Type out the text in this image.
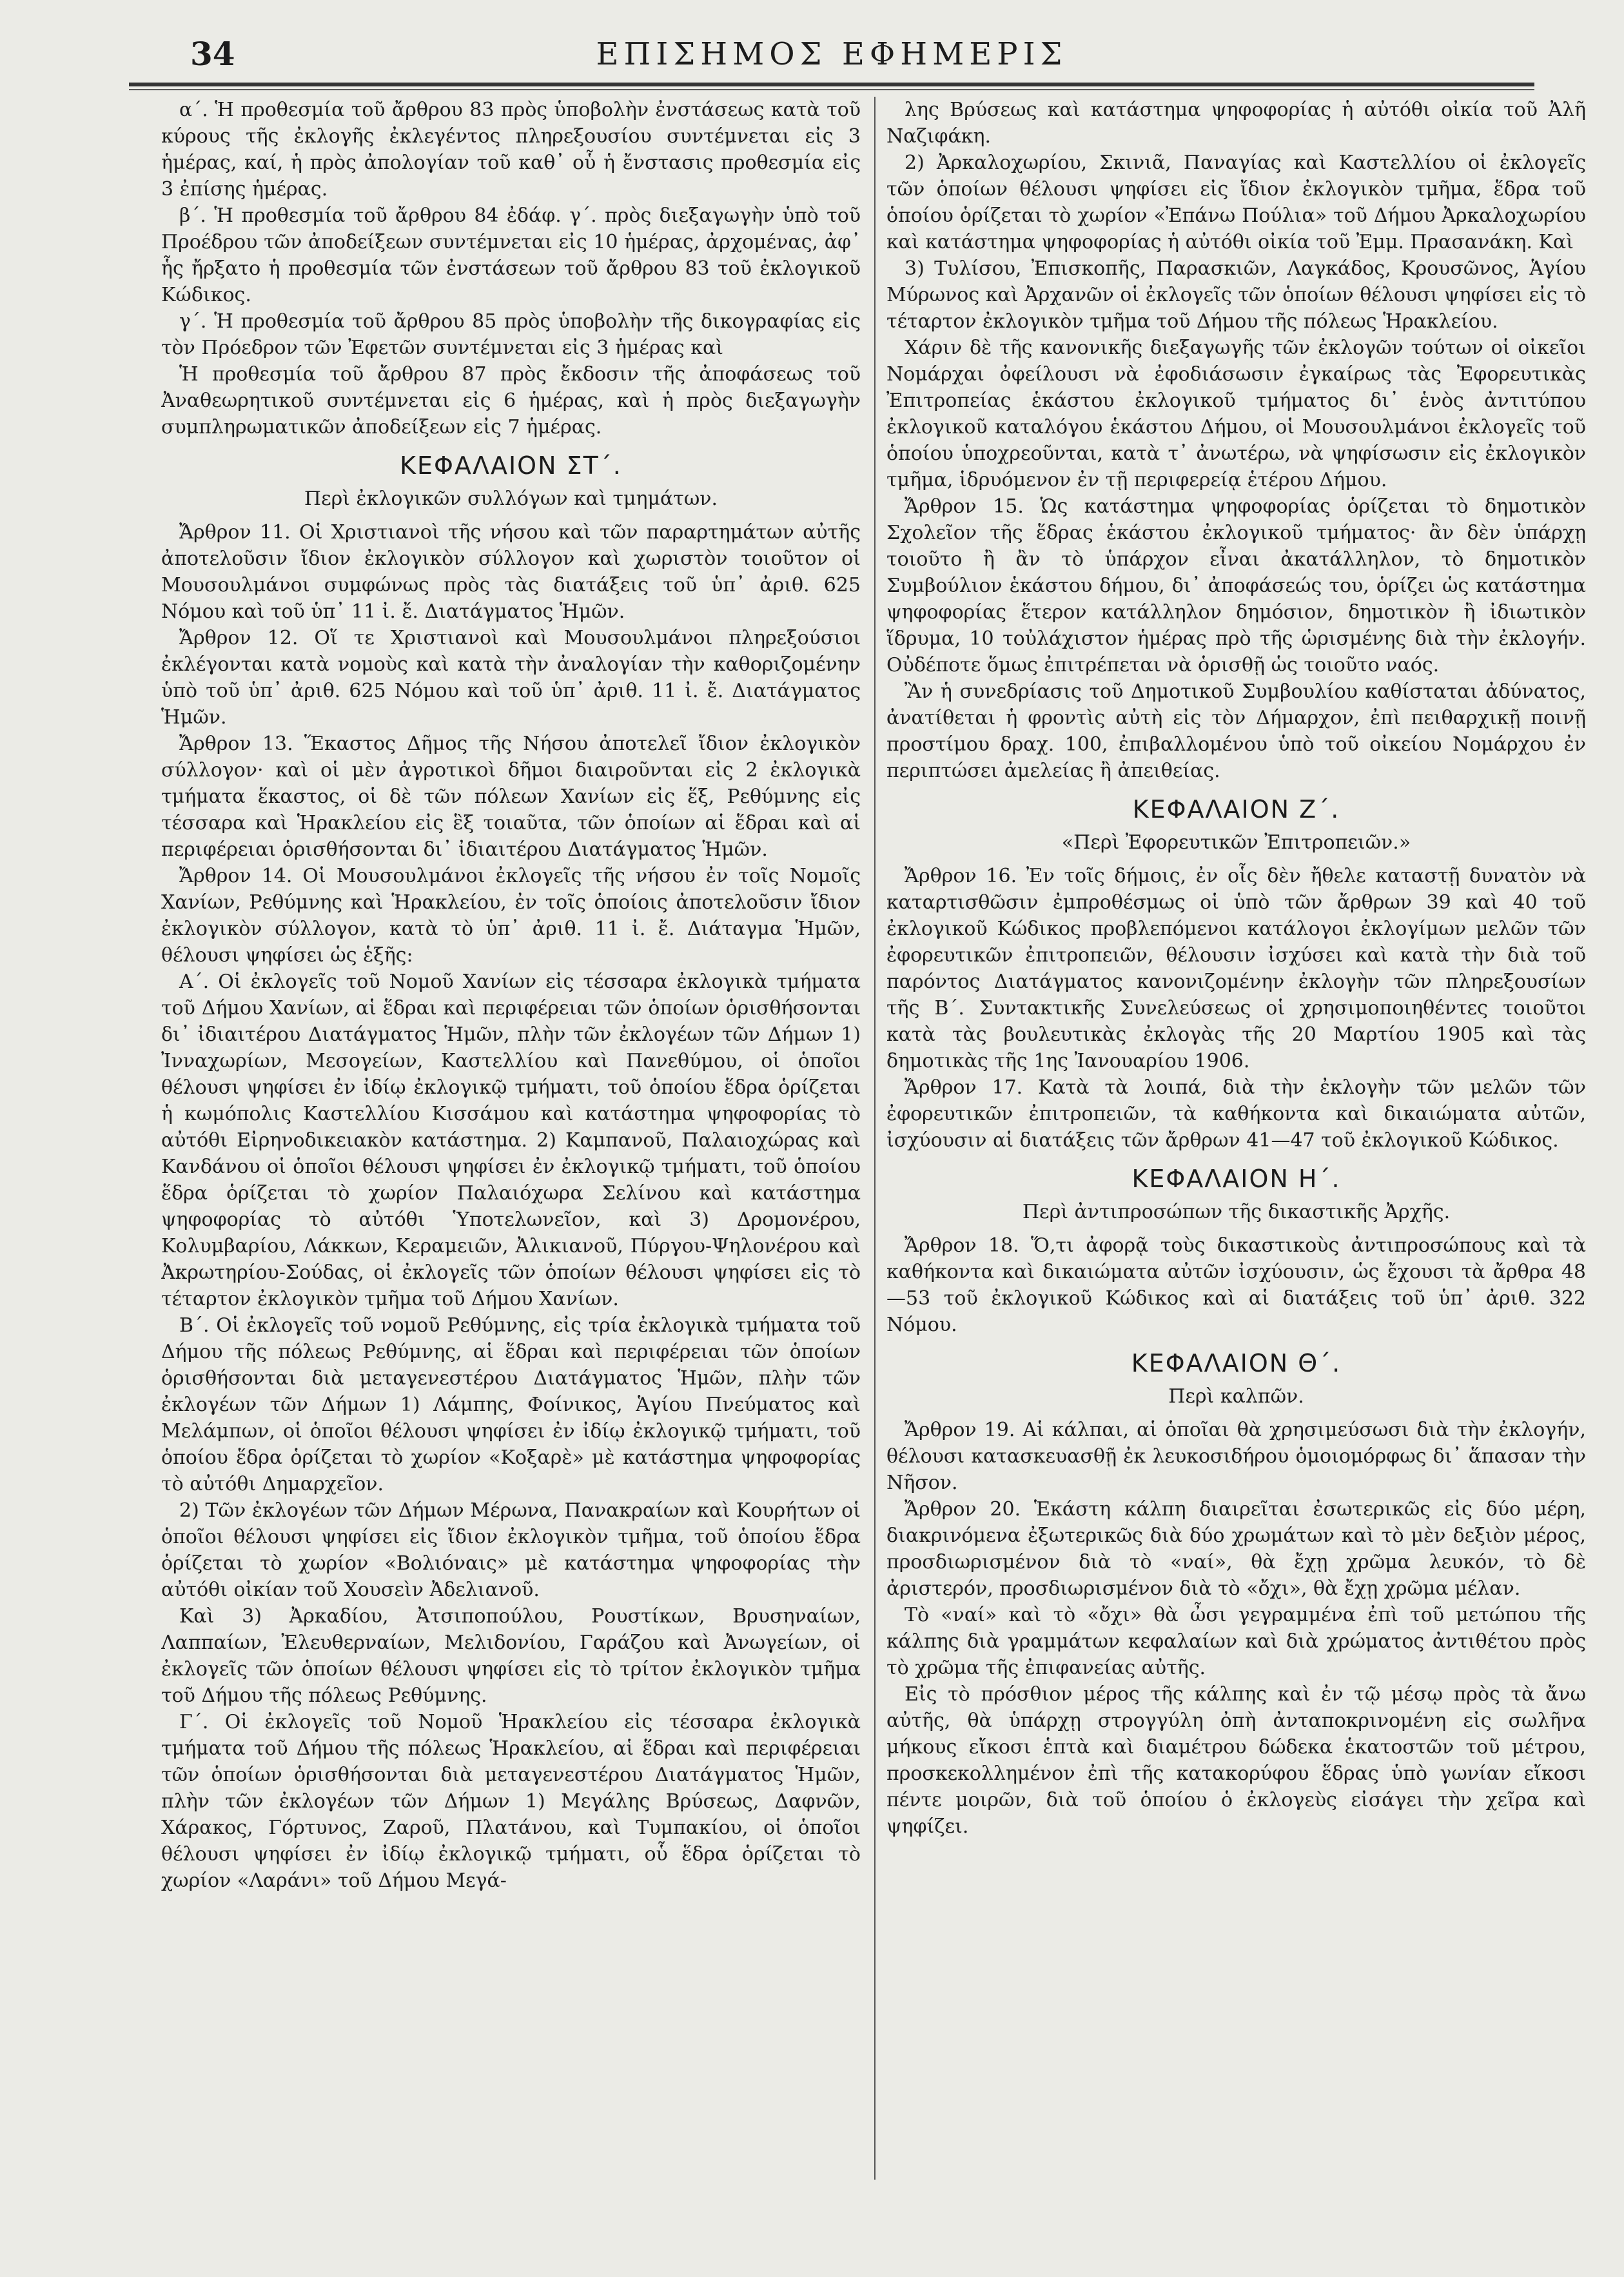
34	ΕΠΙΣΗΜΟΣ ΕΦΗΜΕΡΙΣ

α΄. Ἡ προθεσμία τοῦ ἄρθρου 83 πρὸς ὑποβολὴν ἐνστάσεως κατὰ τοῦ κύρους τῆς ἐκλογῆς ἐκλεγέντος πληρεξουσίου συντέμνεται εἰς 3 ἡμέρας, καί, ἡ πρὸς ἀπολογίαν τοῦ καθ᾽ οὗ ἡ ἔνστασις προθεσμία εἰς 3 ἐπίσης ἡμέρας.

β΄. Ἡ προθεσμία τοῦ ἄρθρου 84 ἐδάφ. γ΄. πρὸς διεξαγωγὴν ὑπὸ τοῦ Προέδρου τῶν ἀποδείξεων συντέμνεται εἰς 10 ἡμέρας, ἀρχομένας, ἀφ᾽ ἧς ἤρξατο ἡ προθεσμία τῶν ἐνστάσεων τοῦ ἄρθρου 83 τοῦ ἐκλογικοῦ Κώδικος.

γ΄. Ἡ προθεσμία τοῦ ἄρθρου 85 πρὸς ὑποβολὴν τῆς δικογραφίας εἰς τὸν Πρόεδρον τῶν Ἐφετῶν συντέμνεται εἰς 3 ἡμέρας καὶ

Ἡ προθεσμία τοῦ ἄρθρου 87 πρὸς ἔκδοσιν τῆς ἀποφάσεως τοῦ Ἀναθεωρητικοῦ συντέμνεται εἰς 6 ἡμέρας, καὶ ἡ πρὸς διεξαγωγὴν συμπληρωματικῶν ἀποδείξεων εἰς 7 ἡμέρας.

ΚΕΦΑΛΑΙΟΝ ΣΤ΄.
Περὶ ἐκλογικῶν συλλόγων καὶ τμημάτων.

Ἄρθρον 11. Οἱ Χριστιανοὶ τῆς νήσου καὶ τῶν παραρτημάτων αὐτῆς ἀποτελοῦσιν ἴδιον ἐκλογικὸν σύλλογον καὶ χωριστὸν τοιοῦτον οἱ Μουσουλμάνοι συμφώνως πρὸς τὰς διατάξεις τοῦ ὑπ᾽ ἀριθ. 625 Νόμου καὶ τοῦ ὑπ᾽ 11 ἰ. ἔ. Διατάγματος Ἡμῶν.

Ἄρθρον 12. Οἵ τε Χριστιανοὶ καὶ Μουσουλμάνοι πληρεξούσιοι ἐκλέγονται κατὰ νομοὺς καὶ κατὰ τὴν ἀναλογίαν τὴν καθοριζομένην ὑπὸ τοῦ ὑπ᾽ ἀριθ. 625 Νόμου καὶ τοῦ ὑπ᾽ ἀριθ. 11 ἰ. ἔ. Διατάγματος Ἡμῶν.

Ἄρθρον 13. Ἕκαστος Δῆμος τῆς Νήσου ἀποτελεῖ ἴδιον ἐκλογικὸν σύλλογον· καὶ οἱ μὲν ἀγροτικοὶ δῆμοι διαιροῦνται εἰς 2 ἐκλογικὰ τμήματα ἕκαστος, οἱ δὲ τῶν πόλεων Χανίων εἰς ἕξ, Ρεθύμνης εἰς τέσσαρα καὶ Ἡρακλείου εἰς ἓξ τοιαῦτα, τῶν ὁποίων αἱ ἕδραι καὶ αἱ περιφέρειαι ὁρισθήσονται δι᾽ ἰδιαιτέρου Διατάγματος Ἡμῶν.

Ἄρθρον 14. Οἱ Μουσουλμάνοι ἐκλογεῖς τῆς νήσου ἐν τοῖς Νομοῖς Χανίων, Ρεθύμνης καὶ Ἡρακλείου, ἐν τοῖς ὁποίοις ἀποτελοῦσιν ἴδιον ἐκλογικὸν σύλλογον, κατὰ τὸ ὑπ᾽ ἀριθ. 11 ἰ. ἔ. Διάταγμα Ἡμῶν, θέλουσι ψηφίσει ὡς ἑξῆς:

Α΄. Οἱ ἐκλογεῖς τοῦ Νομοῦ Χανίων εἰς τέσσαρα ἐκλογικὰ τμήματα τοῦ Δήμου Χανίων, αἱ ἕδραι καὶ περιφέρειαι τῶν ὁποίων ὁρισθήσονται δι᾽ ἰδιαιτέρου Διατάγματος Ἡμῶν, πλὴν τῶν ἐκλογέων τῶν Δήμων 1) Ἰνναχωρίων, Μεσογείων, Καστελλίου καὶ Πανεθύμου, οἱ ὁποῖοι θέλουσι ψηφίσει ἐν ἰδίῳ ἐκλογικῷ τμήματι, τοῦ ὁποίου ἕδρα ὁρίζεται ἡ κωμόπολις Καστελλίου Κισσάμου καὶ κατάστημα ψηφοφορίας τὸ αὐτόθι Εἰρηνοδικειακὸν κατάστημα. 2) Καμπανοῦ, Παλαιοχώρας καὶ Κανδάνου οἱ ὁποῖοι θέλουσι ψηφίσει ἐν ἐκλογικῷ τμήματι, τοῦ ὁποίου ἕδρα ὁρίζεται τὸ χωρίον Παλαιόχωρα Σελίνου καὶ κατάστημα ψηφοφορίας τὸ αὐτόθι Ὑποτελωνεῖον, καὶ 3) Δρομονέρου, Κολυμβαρίου, Λάκκων, Κεραμειῶν, Ἀλικιανοῦ, Πύργου-Ψηλονέρου καὶ Ἀκρωτηρίου-Σούδας, οἱ ἐκλογεῖς τῶν ὁποίων θέλουσι ψηφίσει εἰς τὸ τέταρτον ἐκλογικὸν τμῆμα τοῦ Δήμου Χανίων.

Β΄. Οἱ ἐκλογεῖς τοῦ νομοῦ Ρεθύμνης, εἰς τρία ἐκλογικὰ τμήματα τοῦ Δήμου τῆς πόλεως Ρεθύμνης, αἱ ἕδραι καὶ περιφέρειαι τῶν ὁποίων ὁρισθήσονται διὰ μεταγενεστέρου Διατάγματος Ἡμῶν, πλὴν τῶν ἐκλογέων τῶν Δήμων 1) Λάμπης, Φοίνικος, Ἁγίου Πνεύματος καὶ Μελάμπων, οἱ ὁποῖοι θέλουσι ψηφίσει ἐν ἰδίῳ ἐκλογικῷ τμήματι, τοῦ ὁποίου ἕδρα ὁρίζεται τὸ χωρίον «Κοξαρὲ» μὲ κατάστημα ψηφοφορίας τὸ αὐτόθι Δημαρχεῖον.

2) Τῶν ἐκλογέων τῶν Δήμων Μέρωνα, Πανακραίων καὶ Κουρήτων οἱ ὁποῖοι θέλουσι ψηφίσει εἰς ἴδιον ἐκλογικὸν τμῆμα, τοῦ ὁποίου ἕδρα ὁρίζεται τὸ χωρίον «Βολιόναις» μὲ κατάστημα ψηφοφορίας τὴν αὐτόθι οἰκίαν τοῦ Χουσεὶν Ἀδελιανοῦ.

Καὶ 3) Ἀρκαδίου, Ἀτσιποπούλου, Ρουστίκων, Βρυσηναίων, Λαππαίων, Ἐλευθερναίων, Μελιδονίου, Γαράζου καὶ Ἀνωγείων, οἱ ἐκλογεῖς τῶν ὁποίων θέλουσι ψηφίσει εἰς τὸ τρίτον ἐκλογικὸν τμῆμα τοῦ Δήμου τῆς πόλεως Ρεθύμνης.

Γ΄. Οἱ ἐκλογεῖς τοῦ Νομοῦ Ἡρακλείου εἰς τέσσαρα ἐκλογικὰ τμήματα τοῦ Δήμου τῆς πόλεως Ἡρακλείου, αἱ ἕδραι καὶ περιφέρειαι τῶν ὁποίων ὁρισθήσονται διὰ μεταγενεστέρου Διατάγματος Ἡμῶν, πλὴν τῶν ἐκλογέων τῶν Δήμων 1) Μεγάλης Βρύσεως, Δαφνῶν, Χάρακος, Γόρτυνος, Ζαροῦ, Πλατάνου, καὶ Τυμπακίου, οἱ ὁποῖοι θέλουσι ψηφίσει ἐν ἰδίῳ ἐκλογικῷ τμήματι, οὗ ἕδρα ὁρίζεται τὸ χωρίον «Λαράνι» τοῦ Δήμου Μεγά-

λης Βρύσεως καὶ κατάστημα ψηφοφορίας ἡ αὐτόθι οἰκία τοῦ Ἀλῆ Ναζιφάκη.

2) Ἀρκαλοχωρίου, Σκινιᾶ, Παναγίας καὶ Καστελλίου οἱ ἐκλογεῖς τῶν ὁποίων θέλουσι ψηφίσει εἰς ἴδιον ἐκλογικὸν τμῆμα, ἕδρα τοῦ ὁποίου ὁρίζεται τὸ χωρίον «Ἐπάνω Πούλια» τοῦ Δήμου Ἀρκαλοχωρίου καὶ κατάστημα ψηφοφορίας ἡ αὐτόθι οἰκία τοῦ Ἐμμ. Πρασανάκη. Καὶ

3) Τυλίσου, Ἐπισκοπῆς, Παρασκιῶν, Λαγκάδος, Κρουσῶνος, Ἁγίου Μύρωνος καὶ Ἀρχανῶν οἱ ἐκλογεῖς τῶν ὁποίων θέλουσι ψηφίσει εἰς τὸ τέταρτον ἐκλογικὸν τμῆμα τοῦ Δήμου τῆς πόλεως Ἡρακλείου.

Χάριν δὲ τῆς κανονικῆς διεξαγωγῆς τῶν ἐκλογῶν τούτων οἱ οἰκεῖοι Νομάρχαι ὀφείλουσι νὰ ἐφοδιάσωσιν ἐγκαίρως τὰς Ἐφορευτικὰς Ἐπιτροπείας ἑκάστου ἐκλογικοῦ τμήματος δι᾽ ἑνὸς ἀντιτύπου ἐκλογικοῦ καταλόγου ἑκάστου Δήμου, οἱ Μουσουλμάνοι ἐκλογεῖς τοῦ ὁποίου ὑποχρεοῦνται, κατὰ τ᾽ ἀνωτέρω, νὰ ψηφίσωσιν εἰς ἐκλογικὸν τμῆμα, ἱδρυόμενον ἐν τῇ περιφερείᾳ ἑτέρου Δήμου.

Ἄρθρον 15. Ὡς κατάστημα ψηφοφορίας ὁρίζεται τὸ δημοτικὸν Σχολεῖον τῆς ἕδρας ἑκάστου ἐκλογικοῦ τμήματος· ἂν δὲν ὑπάρχῃ τοιοῦτο ἢ ἂν τὸ ὑπάρχον εἶναι ἀκατάλληλον, τὸ δημοτικὸν Συμβούλιον ἑκάστου δήμου, δι᾽ ἀποφάσεώς του, ὁρίζει ὡς κατάστημα ψηφοφορίας ἕτερον κατάλληλον δημόσιον, δημοτικὸν ἢ ἰδιωτικὸν ἵδρυμα, 10 τοὐλάχιστον ἡμέρας πρὸ τῆς ὡρισμένης διὰ τὴν ἐκλογήν. Οὐδέποτε ὅμως ἐπιτρέπεται νὰ ὁρισθῇ ὡς τοιοῦτο ναός.

Ἂν ἡ συνεδρίασις τοῦ Δημοτικοῦ Συμβουλίου καθίσταται ἀδύνατος, ἀνατίθεται ἡ φροντὶς αὐτὴ εἰς τὸν Δήμαρχον, ἐπὶ πειθαρχικῇ ποινῇ προστίμου δραχ. 100, ἐπιβαλλομένου ὑπὸ τοῦ οἰκείου Νομάρχου ἐν περιπτώσει ἀμελείας ἢ ἀπειθείας.

ΚΕΦΑΛΑΙΟΝ Ζ΄.
«Περὶ Ἐφορευτικῶν Ἐπιτροπειῶν.»

Ἄρθρον 16. Ἐν τοῖς δήμοις, ἐν οἷς δὲν ἤθελε καταστῇ δυνατὸν νὰ καταρτισθῶσιν ἐμπροθέσμως οἱ ὑπὸ τῶν ἄρθρων 39 καὶ 40 τοῦ ἐκλογικοῦ Κώδικος προβλεπόμενοι κατάλογοι ἐκλογίμων μελῶν τῶν ἐφορευτικῶν ἐπιτροπειῶν, θέλουσιν ἰσχύσει καὶ κατὰ τὴν διὰ τοῦ παρόντος Διατάγματος κανονιζομένην ἐκλογὴν τῶν πληρεξουσίων τῆς Β΄. Συντακτικῆς Συνελεύσεως οἱ χρησιμοποιηθέντες τοιοῦτοι κατὰ τὰς βουλευτικὰς ἐκλογὰς τῆς 20 Μαρτίου 1905 καὶ τὰς δημοτικὰς τῆς 1ης Ἰανουαρίου 1906.

Ἄρθρον 17. Κατὰ τὰ λοιπά, διὰ τὴν ἐκλογὴν τῶν μελῶν τῶν ἐφορευτικῶν ἐπιτροπειῶν, τὰ καθήκοντα καὶ δικαιώματα αὐτῶν, ἰσχύουσιν αἱ διατάξεις τῶν ἄρθρων 41—47 τοῦ ἐκλογικοῦ Κώδικος.

ΚΕΦΑΛΑΙΟΝ Η΄.
Περὶ ἀντιπροσώπων τῆς δικαστικῆς Ἀρχῆς.

Ἄρθρον 18. Ὅ,τι ἀφορᾷ τοὺς δικαστικοὺς ἀντιπροσώπους καὶ τὰ καθήκοντα καὶ δικαιώματα αὐτῶν ἰσχύουσιν, ὡς ἔχουσι τὰ ἄρθρα 48—53 τοῦ ἐκλογικοῦ Κώδικος καὶ αἱ διατάξεις τοῦ ὑπ᾽ ἀριθ. 322 Νόμου.

ΚΕΦΑΛΑΙΟΝ Θ΄.
Περὶ καλπῶν.

Ἄρθρον 19. Αἱ κάλπαι, αἱ ὁποῖαι θὰ χρησιμεύσωσι διὰ τὴν ἐκλογήν, θέλουσι κατασκευασθῇ ἐκ λευκοσιδήρου ὁμοιομόρφως δι᾽ ἅπασαν τὴν Νῆσον.

Ἄρθρον 20. Ἑκάστη κάλπη διαιρεῖται ἐσωτερικῶς εἰς δύο μέρη, διακρινόμενα ἐξωτερικῶς διὰ δύο χρωμάτων καὶ τὸ μὲν δεξιὸν μέρος, προσδιωρισμένον διὰ τὸ «ναί», θὰ ἔχῃ χρῶμα λευκόν, τὸ δὲ ἀριστερόν, προσδιωρισμένον διὰ τὸ «ὄχι», θὰ ἔχῃ χρῶμα μέλαν.

Τὸ «ναί» καὶ τὸ «ὄχι» θὰ ὦσι γεγραμμένα ἐπὶ τοῦ μετώπου τῆς κάλπης διὰ γραμμάτων κεφαλαίων καὶ διὰ χρώματος ἀντιθέτου πρὸς τὸ χρῶμα τῆς ἐπιφανείας αὐτῆς.

Εἰς τὸ πρόσθιον μέρος τῆς κάλπης καὶ ἐν τῷ μέσῳ πρὸς τὰ ἄνω αὐτῆς, θὰ ὑπάρχῃ στρογγύλη ὀπὴ ἀνταποκρινομένη εἰς σωλῆνα μήκους εἴκοσι ἑπτὰ καὶ διαμέτρου δώδεκα ἑκατοστῶν τοῦ μέτρου, προσκεκολλημένον ἐπὶ τῆς κατακορύφου ἕδρας ὑπὸ γωνίαν εἴκοσι πέντε μοιρῶν, διὰ τοῦ ὁποίου ὁ ἐκλογεὺς εἰσάγει τὴν χεῖρα καὶ ψηφίζει.
